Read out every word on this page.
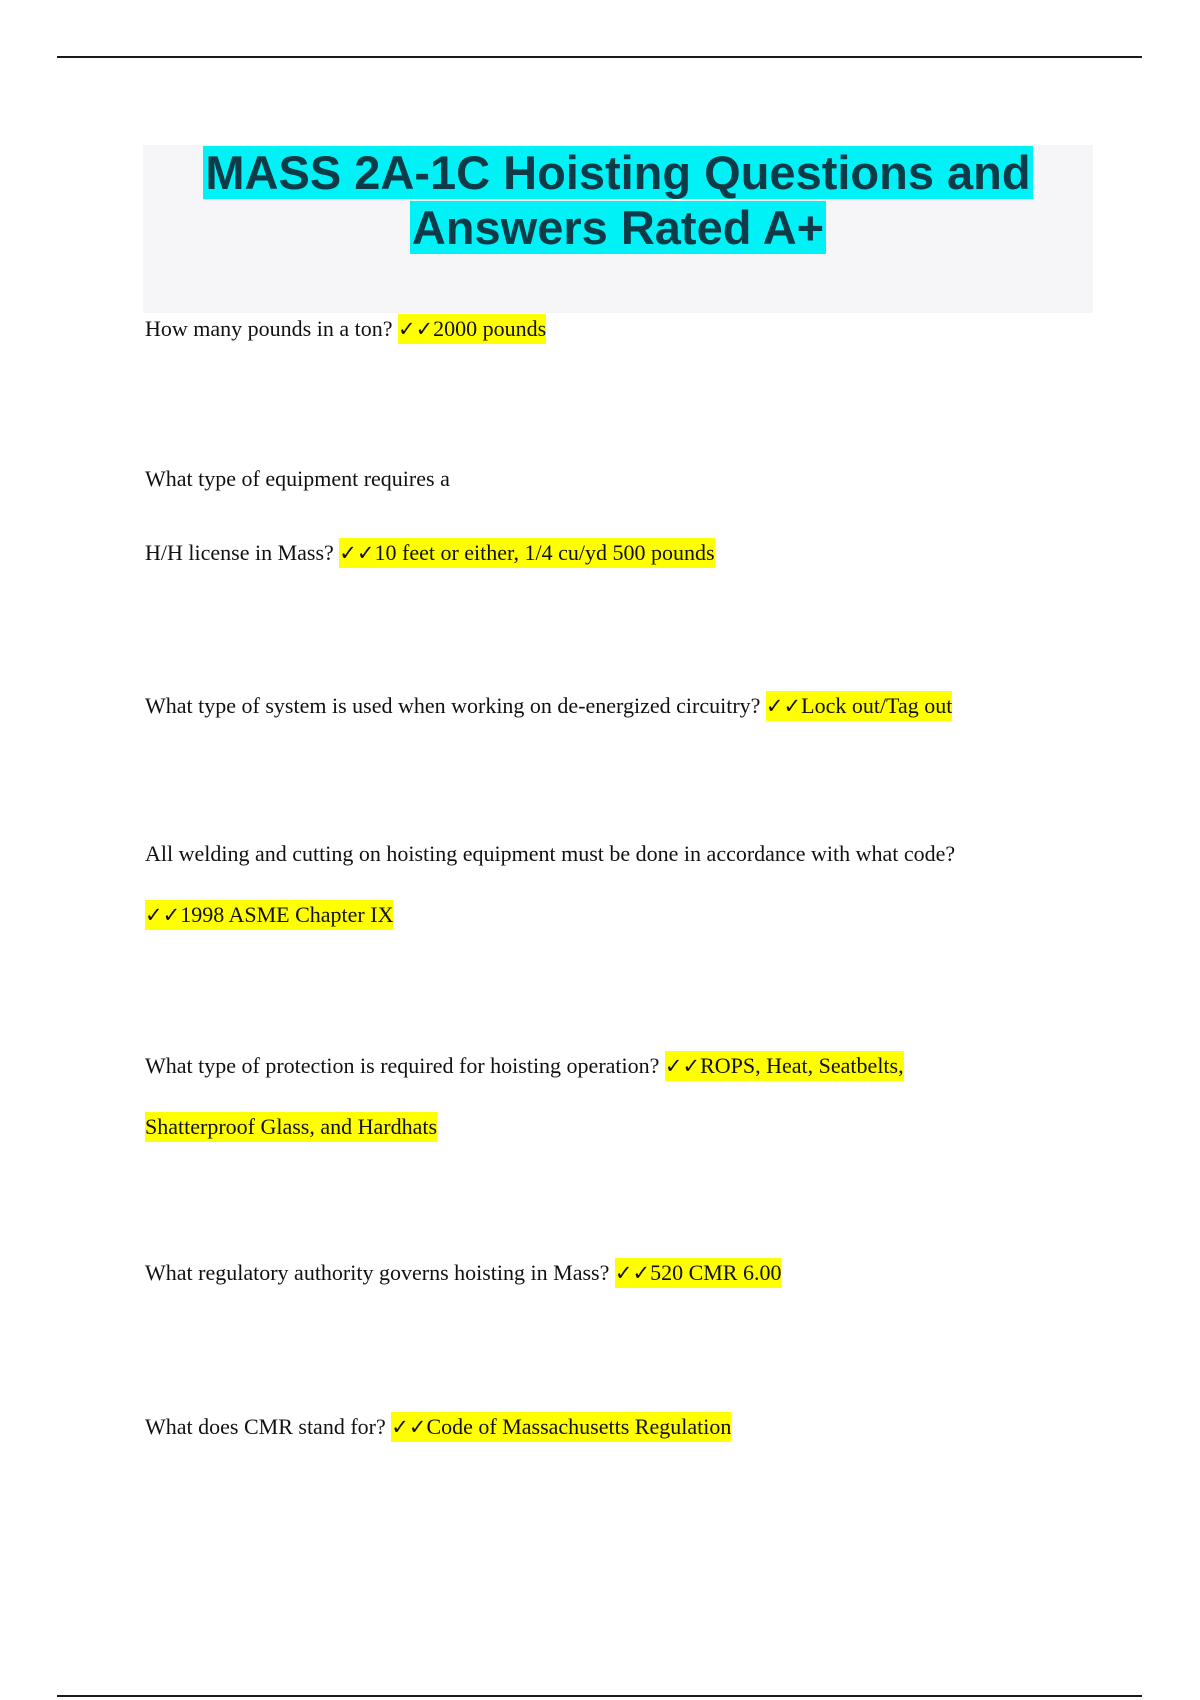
MASS 2A-1C Hoisting Questions and
Answers Rated A+
How many pounds in a ton? ✓✓2000 pounds
What type of equipment requires a
H/H license in Mass? ✓✓10 feet or either, 1/4 cu/yd 500 pounds
What type of system is used when working on de-energized circuitry? ✓✓Lock out/Tag out
All welding and cutting on hoisting equipment must be done in accordance with what code?
✓✓1998 ASME Chapter IX
What type of protection is required for hoisting operation? ✓✓ROPS, Heat, Seatbelts,
Shatterproof Glass, and Hardhats
What regulatory authority governs hoisting in Mass? ✓✓520 CMR 6.00
What does CMR stand for? ✓✓Code of Massachusetts Regulation
